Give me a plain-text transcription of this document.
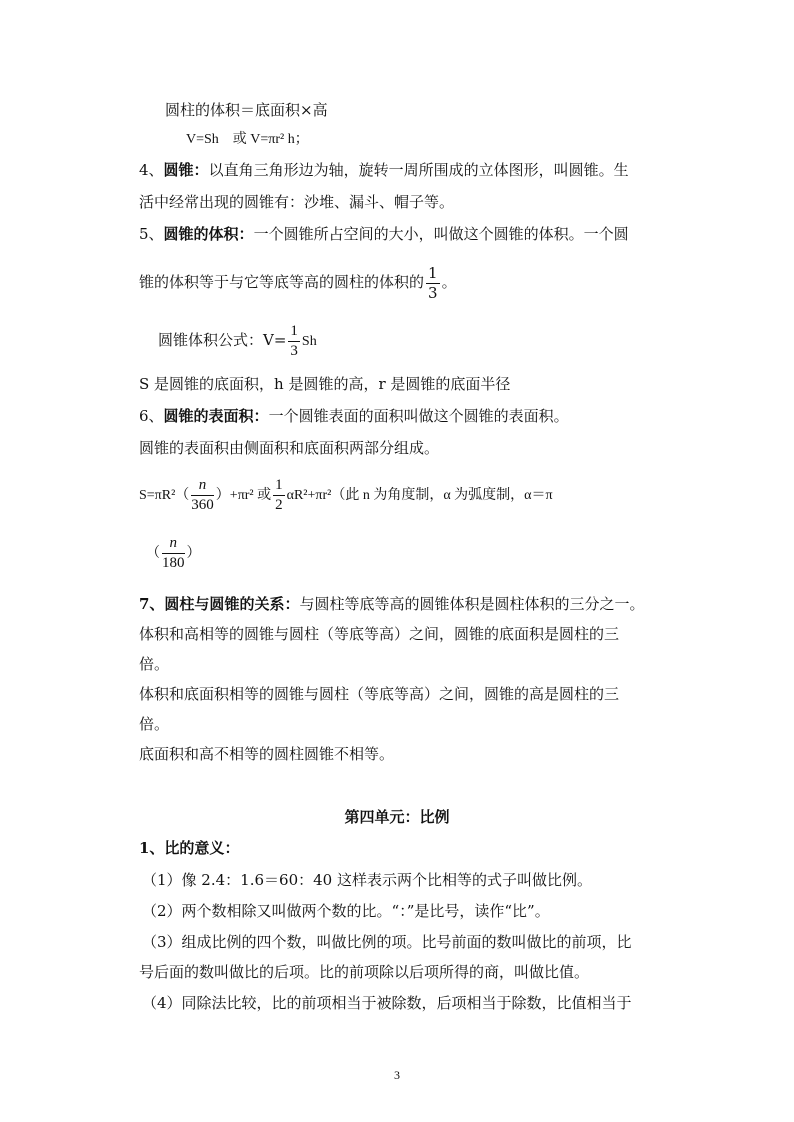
圆柱的体积＝底面积×高
V=Sh　或 V=πr² h；
4、圆锥：以直角三角形边为轴，旋转一周所围成的立体图形，叫圆锥。生
活中经常出现的圆锥有：沙堆、漏斗、帽子等。
5、圆锥的体积：一个圆锥所占空间的大小，叫做这个圆锥的体积。一个圆
锥的体积等于与它等底等高的圆柱的体积的 $\frac{1}{3}$ 。
圆锥体积公式：$V= \frac{1}{3}$ Sh
S 是圆锥的底面积，h 是圆锥的高，r 是圆锥的底面半径
6、圆锥的表面积：一个圆锥表面的面积叫做这个圆锥的表面积。
圆锥的表面积由侧面积和底面积两部分组成。
$S=\pi R^2( \frac{n}{360} )+\pi r^2$ 或 $\frac{1}{2} \alpha R^2+\pi r^2$（此 n 为角度制，α 为弧度制，α＝π
（ $\frac{n}{180}$ ）
7、圆柱与圆锥的关系：与圆柱等底等高的圆锥体积是圆柱体积的三分之一。
体积和高相等的圆锥与圆柱（等底等高）之间，圆锥的底面积是圆柱的三
倍。
体积和底面积相等的圆锥与圆柱（等底等高）之间，圆锥的高是圆柱的三
倍。
底面积和高不相等的圆柱圆锥不相等。
第四单元：比例
1、比的意义：
（1）像 2.4：1.6＝60：40 这样表示两个比相等的式子叫做比例。
（2）两个数相除又叫做两个数的比。“：”是比号，读作“比”。
（3）组成比例的四个数，叫做比例的项。比号前面的数叫做比的前项，比
号后面的数叫做比的后项。比的前项除以后项所得的商，叫做比值。
（4）同除法比较，比的前项相当于被除数，后项相当于除数，比值相当于
3
